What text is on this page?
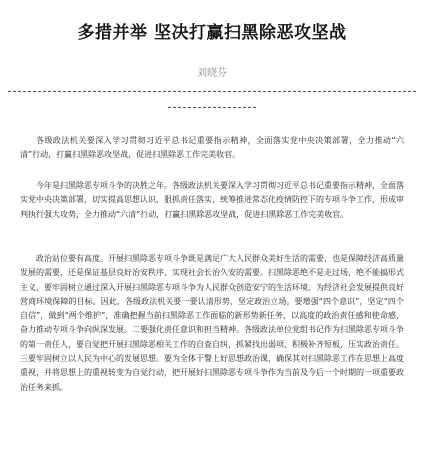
多措并举 坚决打赢扫黑除恶攻坚战
刘晓芬

各级政法机关要深入学习贯彻习近平总书记重要指示精神，全面落实党中央决策部署，全力推动“六清”行动，打赢扫黑除恶攻坚战，促进扫黑除恶工作完美收官。

今年是扫黑除恶专项斗争的决胜之年。各级政法机关要深入学习贯彻习近平总书记重要指示精神，全面落实党中央决策部署，切实提高思想认识，狠抓责任落实，统筹推进常态化疫情防控下的专项斗争工作，形成审判执行强大攻势，全力推动“六清”行动，打赢扫黑除恶攻坚战，促进扫黑除恶工作完美收官。

政治站位要有高度。开展扫黑除恶专项斗争既是满足广大人民群众美好生活的需要，也是保障经济高质量发展的需要，还是保证基层良好治安秩序、实现社会长治久安的需要。扫黑除恶绝不是走过场，绝不能搞形式主义，要牢固树立通过深入开展扫黑除恶专项斗争为人民群众创造安宁的生活环境、为经济社会发展提供良好营商环境保障的目标。因此，各级政法机关要一要认清形势，坚定政治立场。要增强“四个意识”，坚定“四个自信”，做到“两个维护”，准确把握当前扫黑除恶工作面临的新形势新任务，以高度的政治责任感和使命感，奋力推动专项斗争向纵深发展。二要强化责任意识和担当精神。各级政法单位党组书记作为扫黑除恶专项斗争的第一责任人，要自觉把开展扫黑除恶相关工作的自查自纠，抓紧找出弱项、积极补齐短板，压实政治责任。三要牢固树立以人民为中心的发展思想。要为全体干警上好思想政治课，确保其对扫黑除恶工作在思想上高度重视，并将思想上的重视转变为自觉行动，把开展好扫黑除恶专项斗争作为当前及今后一个时期的一项重要政治任务来抓。
